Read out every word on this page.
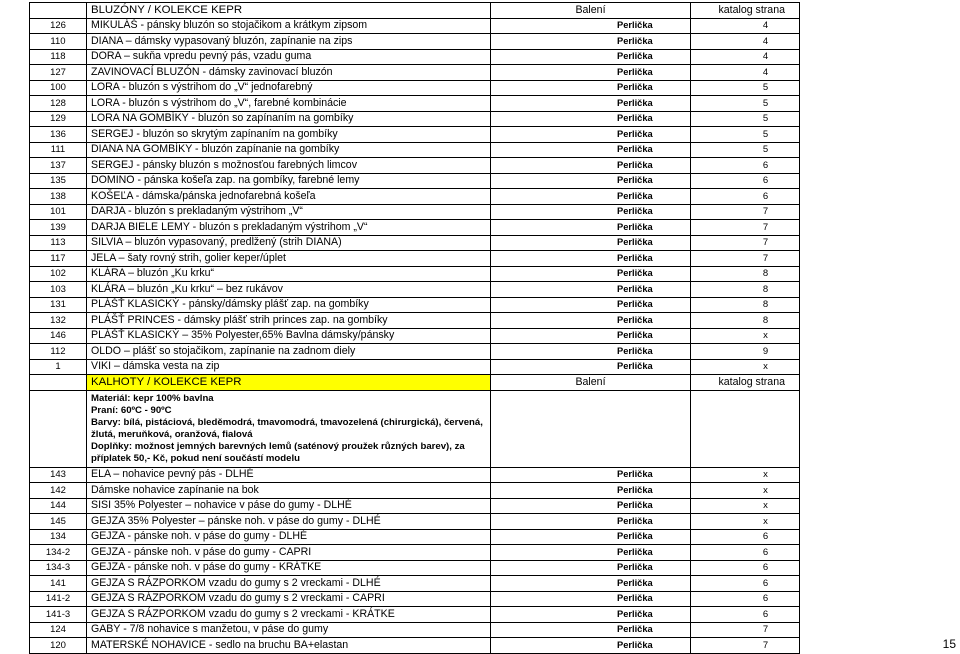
	BLUZÓNY / KOLEKCE KEPR	Balení	katalog strana
126	MIKULÁŠ - pánsky bluzón so stojačikom a krátkym zipsom	Perlička	4
110	DIANA – dámsky vypasovaný bluzón, zapínanie na zips	Perlička	4
118	DORA – sukňa vpredu pevný pás, vzadu guma	Perlička	4
127	ZAVINOVACÍ BLUZÓN - dámsky zavinovací bluzón	Perlička	4
100	LORA - bluzón s výstrihom do „V“ jednofarebný	Perlička	5
128	LORA - bluzón s výstrihom do „V“, farebné kombinácie	Perlička	5
129	LORA NA GOMBÍKY - bluzón so zapínaním na gombíky	Perlička	5
136	SERGEJ - bluzón so skrytým zapínaním na gombíky	Perlička	5
111	DIANA NA GOMBÍKY - bluzón zapínanie na gombíky	Perlička	5
137	SERGEJ - pánsky bluzón s možnosťou farebných limcov	Perlička	6
135	DOMINO - pánska košeľa zap. na gombíky, farebné lemy	Perlička	6
138	KOŠEĽA - dámska/pánska jednofarebná košeľa	Perlička	6
101	DARJA - bluzón s prekladaným výstrihom „V“	Perlička	7
139	DARJA BIELE LEMY - bluzón s prekladaným výstrihom „V“	Perlička	7
113	SILVIA – bluzón vypasovaný, predĺžený (strih DIANA)	Perlička	7
117	JELA – šaty rovný strih, golier keper/úplet	Perlička	7
102	KLÁRA – bluzón „Ku krku“	Perlička	8
103	KLÁRA – bluzón „Ku krku“ – bez rukávov	Perlička	8
131	PLÁŠŤ KLASICKÝ - pánsky/dámsky plášť zap. na gombíky	Perlička	8
132	PLÁŠŤ PRINCES - dámsky plášť strih princes zap. na gombíky	Perlička	8
146	PLÁŠŤ KLASICKÝ – 35% Polyester,65% Bavlna dámsky/pánsky	Perlička	x
112	OLDO – plášť so stojačikom, zapínanie na zadnom diely	Perlička	9
1	VIKI – dámska vesta na zip	Perlička	x
	KALHOTY / KOLEKCE KEPR	Balení	katalog strana

	Materiál: kepr 100% bavlna
Praní: 60ºC - 90ºC
Barvy: bílá, pistáciová, bleděmodrá, tmavomodrá, tmavozelená (chirurgická), červená, žlutá, meruňková, oranžová, fialová
Doplňky: možnost jemných barevných lemů (saténový proužek různých barev), za příplatek 50,- Kč, pokud není součástí modelu		

143	ELA – nohavice pevný pás - DLHÉ	Perlička	x
142	Dámske nohavice zapínanie na bok	Perlička	x
144	SISI 35% Polyester – nohavice v páse do gumy - DLHÉ	Perlička	x
145	GEJZA 35% Polyester – pánske noh. v páse do gumy - DLHÉ	Perlička	x
134	GEJZA - pánske noh. v páse do gumy - DLHÉ	Perlička	6
134-2	GEJZA - pánske noh. v páse do gumy - CAPRI	Perlička	6
134-3	GEJZA - pánske noh. v páse do gumy - KRÁTKE	Perlička	6
141	GEJZA S RÁZPORKOM vzadu do gumy s 2 vreckami - DLHÉ	Perlička	6
141-2	GEJZA S RÁZPORKOM vzadu do gumy s 2 vreckami - CAPRI	Perlička	6
141-3	GEJZA S RÁZPORKOM vzadu do gumy s 2 vreckami - KRÁTKE	Perlička	6
124	GABY - 7/8 nohavice s manžetou, v páse do gumy	Perlička	7
120	MATERSKÉ NOHAVICE - sedlo na bruchu BA+elastan	Perlička	7	15
